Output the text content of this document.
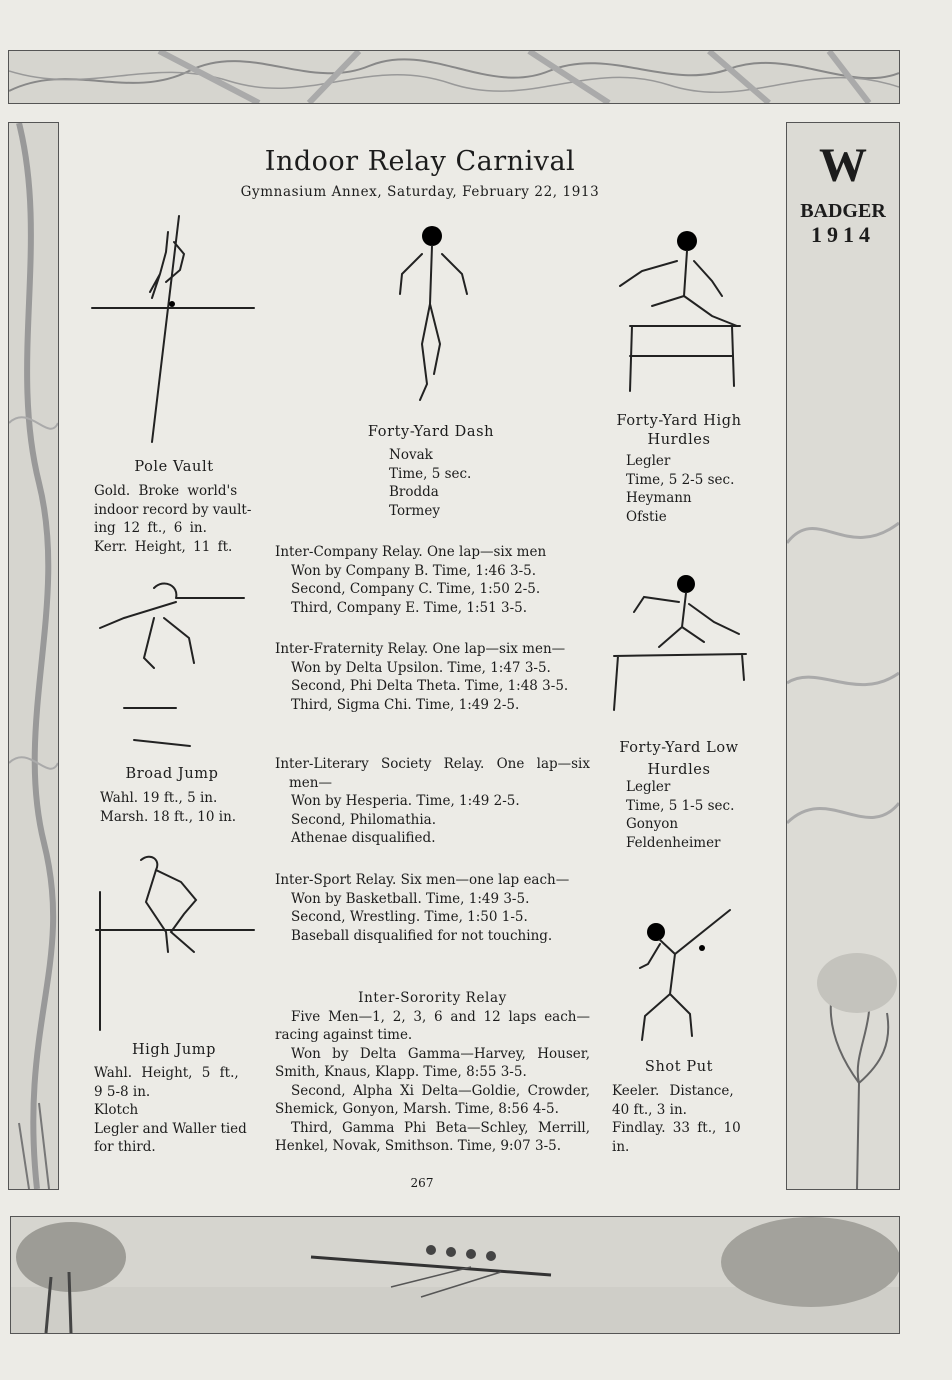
Indoor Relay Carnival
Gymnasium Annex, Saturday, February 22, 1913	W
BADGER
1914
Pole Vault
Gold. Broke world's
indoor record by vault-
ing 12 ft., 6 in.
Kerr. Height, 11 ft.
Broad Jump
Wahl. 19 ft., 5 in.
Marsh. 18 ft., 10 in.
High Jump
Wahl. Height, 5 ft.,
9 5-8 in.
Klotch
Legler and Waller tied
for third.
Forty-Yard Dash
Novak
Time, 5 sec.
Brodda
Tormey
Inter-Company Relay. One lap—six men
Won by Company B. Time, 1:46 3-5.
Second, Company C. Time, 1:50 2-5.
Third, Company E. Time, 1:51 3-5.
Inter-Fraternity Relay. One lap—six men—
Won by Delta Upsilon. Time, 1:47 3-5.
Second, Phi Delta Theta. Time, 1:48 3-5.
Third, Sigma Chi. Time, 1:49 2-5.
Inter-Literary Society Relay. One lap—six men—
Won by Hesperia. Time, 1:49 2-5.
Second, Philomathia.
Athenae disqualified.
Inter-Sport Relay. Six men—one lap each—
Won by Basketball. Time, 1:49 3-5.
Second, Wrestling. Time, 1:50 1-5.
Baseball disqualified for not touching.
Inter-Sorority Relay

Five Men—1, 2, 3, 6 and 12 laps each—racing against time.

Won by Delta Gamma—Harvey, Houser, Smith, Knaus, Klapp. Time, 8:55 3-5.

Second, Alpha Xi Delta—Goldie, Crowder, Shemick, Gonyon, Marsh. Time, 8:56 4-5.

Third, Gamma Phi Beta—Schley, Merrill, Henkel, Novak, Smithson. Time, 9:07 3-5.

Forty-Yard High
Hurdles
Legler
Time, 5 2-5 sec.
Heymann
Ofstie
Forty-Yard Low
Hurdles
Legler
Time, 5 1-5 sec.
Gonyon
Feldenheimer
Shot Put
Keeler. Distance,
40 ft., 3 in.
Findlay. 33 ft., 10
in.
267
